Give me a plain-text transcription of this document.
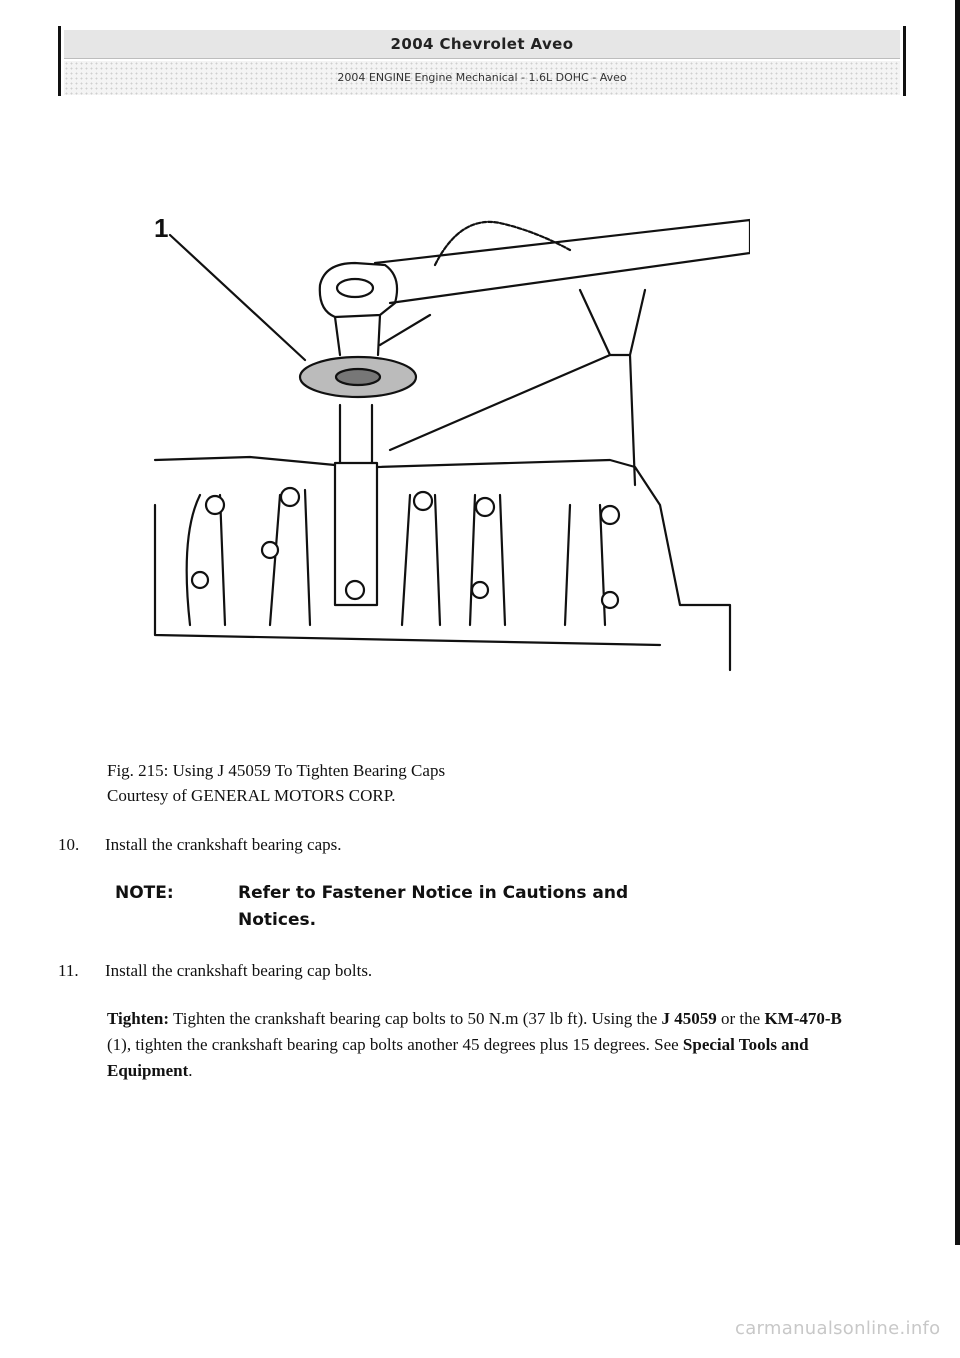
2004 Chevrolet Aveo
2004 ENGINE Engine Mechanical - 1.6L DOHC - Aveo
1
Fig. 215: Using J 45059 To Tighten Bearing Caps
Courtesy of GENERAL MOTORS CORP.
10. Install the crankshaft bearing caps.
NOTE:	Refer to Fastener Notice in Cautions and Notices.
11. Install the crankshaft bearing cap bolts.
Tighten: Tighten the crankshaft bearing cap bolts to 50 N.m (37 lb ft). Using the J 45059 or the KM-470-B (1), tighten the crankshaft bearing cap bolts another 45 degrees plus 15 degrees. See Special Tools and Equipment.
carmanualsonline.info
